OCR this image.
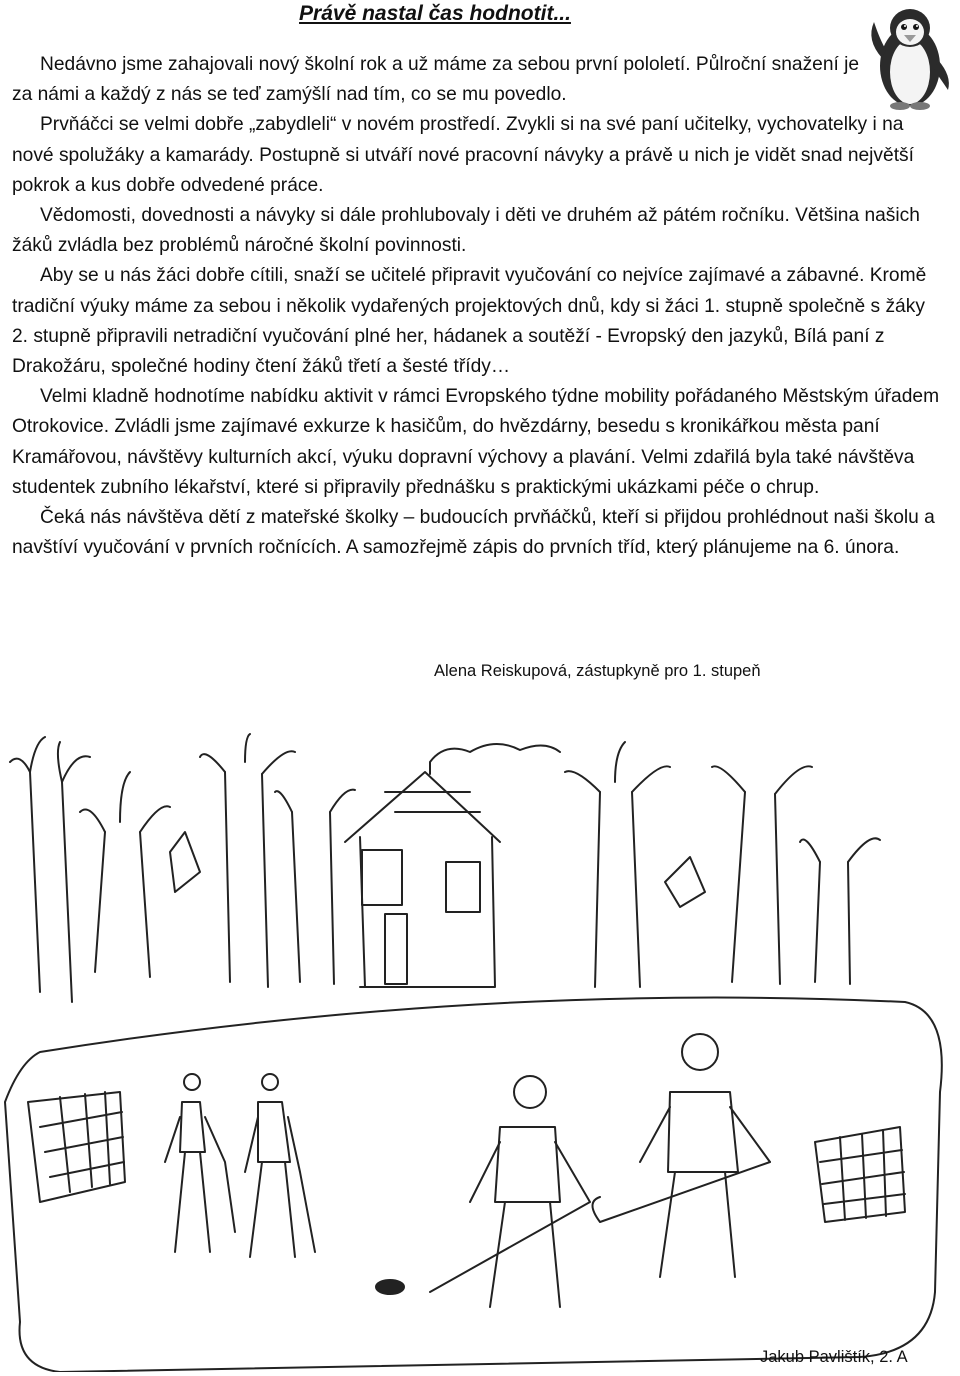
Právě nastal čas hodnotit...

Nedávno jsme zahajovali nový školní rok a už máme za sebou první pololetí. Půlroční snažení je za námi a každý z nás se teď zamýšlí nad tím, co se mu povedlo.

Prvňáčci se velmi dobře „zabydleli“ v novém prostředí. Zvykli si na své paní učitelky, vychovatelky i na nové spolužáky a kamarády. Postupně si utváří nové pracovní návyky a právě u nich je vidět snad největší pokrok a kus dobře odvedené práce.

Vědomosti, dovednosti a návyky si dále prohlubovaly i děti ve druhém až pátém ročníku. Většina našich žáků zvládla bez problémů náročné školní povinnosti.

Aby se u nás žáci dobře cítili, snaží se učitelé připravit vyučování co nejvíce zajímavé a zábavné. Kromě tradiční výuky máme za sebou i několik vydařených projektových dnů, kdy si žáci 1. stupně společně s žáky 2. stupně připravili netradiční vyučování plné her, hádanek a soutěží - Evropský den jazyků, Bílá paní z Drakožáru, společné hodiny čtení žáků třetí a šesté třídy…

Velmi kladně hodnotíme nabídku aktivit v rámci Evropského týdne mobility pořádaného Městským úřadem Otrokovice. Zvládli jsme zajímavé exkurze k hasičům, do hvězdárny, besedu s kronikářkou města paní Kramářovou, návštěvy kulturních akcí, výuku dopravní výchovy a plavání. Velmi zdařilá byla také návštěva studentek zubního lékařství, které si připravily přednášku s praktickými ukázkami péče o chrup.

Čeká nás návštěva dětí z mateřské školky – budoucích prvňáčků, kteří si přijdou prohlédnout naši školu a navštíví vyučování v prvních ročnících. A samozřejmě zápis do prvních tříd, který plánujeme na 6. února.

Alena Reiskupová, zástupkyně pro 1. stupeň
Jakub Pavlištík, 2. A
